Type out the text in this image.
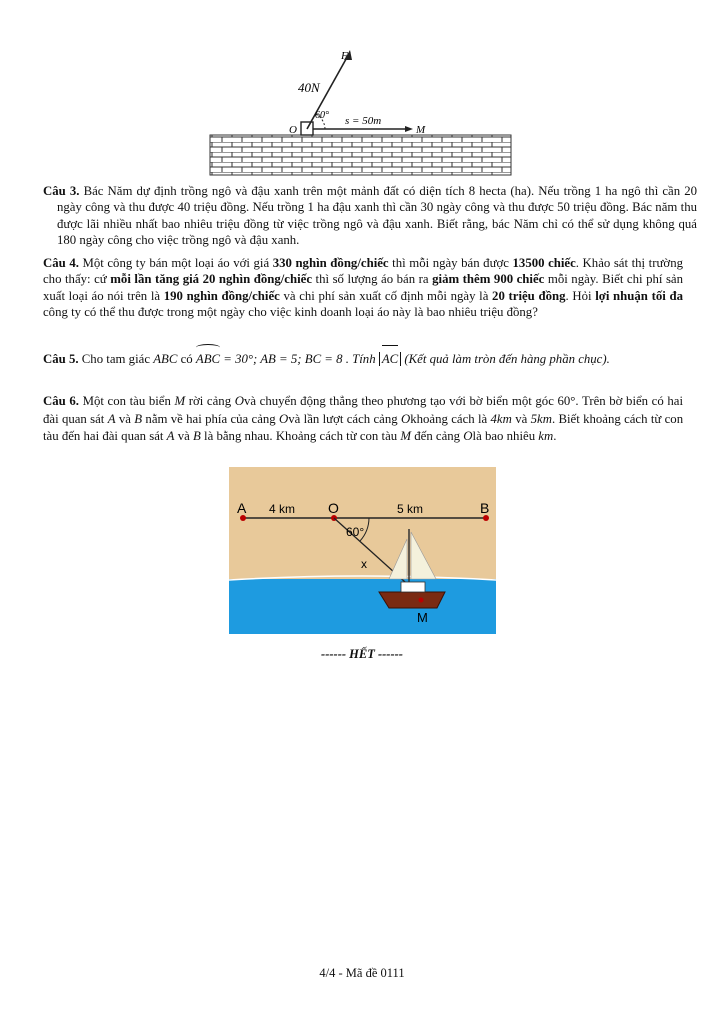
40N
F
60° s = 50m
O	M

Câu 3. Bác Năm dự định trồng ngô và đậu xanh trên một mảnh đất có diện tích 8 hecta (ha). Nếu trồng 1 ha ngô thì cần 20 ngày công và thu được 40 triệu đồng. Nếu trồng 1 ha đậu xanh thì cần 30 ngày công và thu được 50 triệu đồng. Bác năm thu được lãi nhiều nhất bao nhiêu triệu đồng từ việc trồng ngô và đậu xanh. Biết rằng, bác Năm chỉ có thể sử dụng không quá 180 ngày công cho việc trồng ngô và đậu xanh.

Câu 4. Một công ty bán một loại áo với giá 330 nghìn đồng/chiếc thì mỗi ngày bán được 13500 chiếc. Khảo sát thị trường cho thấy: cứ mỗi lần tăng giá 20 nghìn đồng/chiếc thì số lượng áo bán ra giảm thêm 900 chiếc mỗi ngày. Biết chi phí sản xuất loại áo nói trên là 190 nghìn đồng/chiếc và chi phí sản xuất cố định mỗi ngày là 20 triệu đồng. Hỏi lợi nhuận tối đa công ty có thể thu được trong một ngày cho việc kinh doanh loại áo này là bao nhiêu triệu đồng?

Câu 5. Cho tam giác ABC có ABC = 30°; AB = 5; BC = 8 . Tính AC (Kết quả làm tròn đến hàng phần chục).

Câu 6. Một con tàu biển M rời cảng Ovà chuyển động thẳng theo phương tạo với bờ biển một góc 60°. Trên bờ biển có hai đài quan sát A và B nằm về hai phía của cảng Ovà lần lượt cách cảng Okhoảng cách là 4km và 5km. Biết khoảng cách từ con tàu đến hai đài quan sát A và B là bằng nhau. Khoảng cách từ con tàu M đến cảng Olà bao nhiêu km.

A 4 km O	5 km	B
60°
x
M
------ HẾT ------
4/4 - Mã đề 0111
